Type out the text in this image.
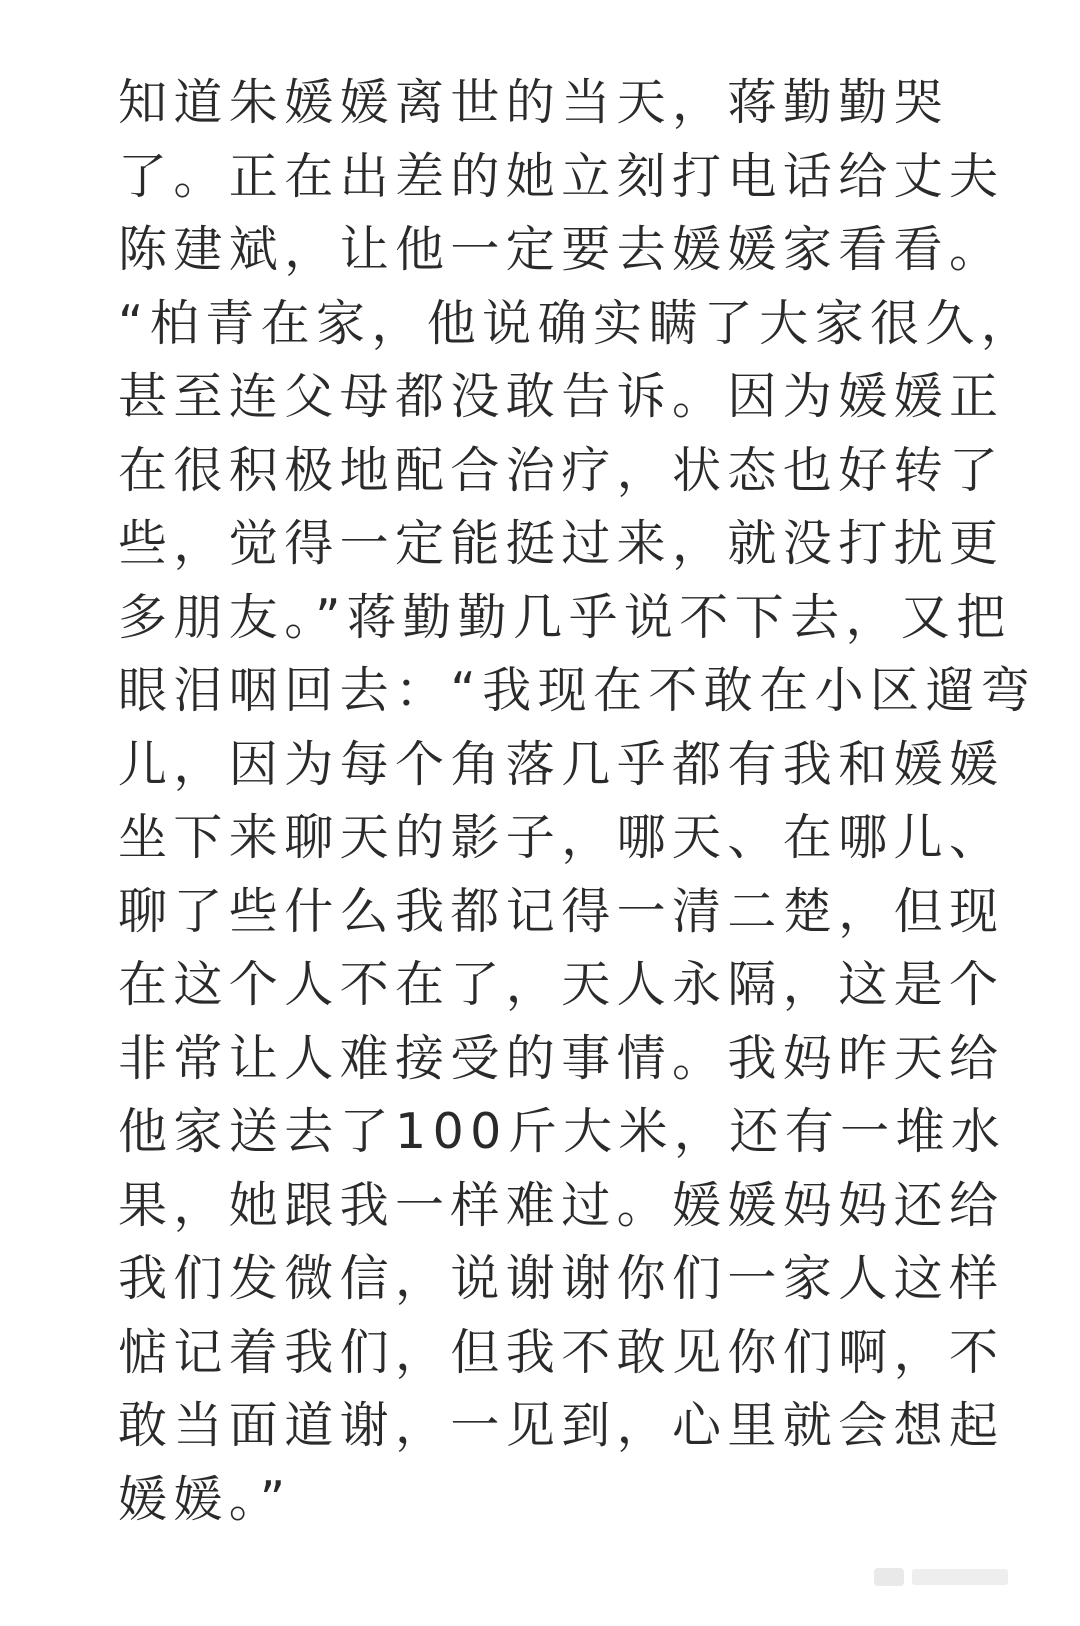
知道朱媛媛离世的当天，蒋勤勤哭
了。正在出差的她立刻打电话给丈夫
陈建斌，让他一定要去媛媛家看看。
“柏青在家，他说确实瞒了大家很久，
甚至连父母都没敢告诉。因为媛媛正
在很积极地配合治疗，状态也好转了
些，觉得一定能挺过来，就没打扰更
多朋友。”蒋勤勤几乎说不下去，又把
眼泪咽回去：“我现在不敢在小区遛弯
儿，因为每个角落几乎都有我和媛媛
坐下来聊天的影子，哪天、在哪儿、
聊了些什么我都记得一清二楚，但现
在这个人不在了，天人永隔，这是个
非常让人难接受的事情。我妈昨天给
他家送去了100斤大米，还有一堆水
果，她跟我一样难过。媛媛妈妈还给
我们发微信，说谢谢你们一家人这样
惦记着我们，但我不敢见你们啊，不
敢当面道谢，一见到，心里就会想起
媛媛。”
